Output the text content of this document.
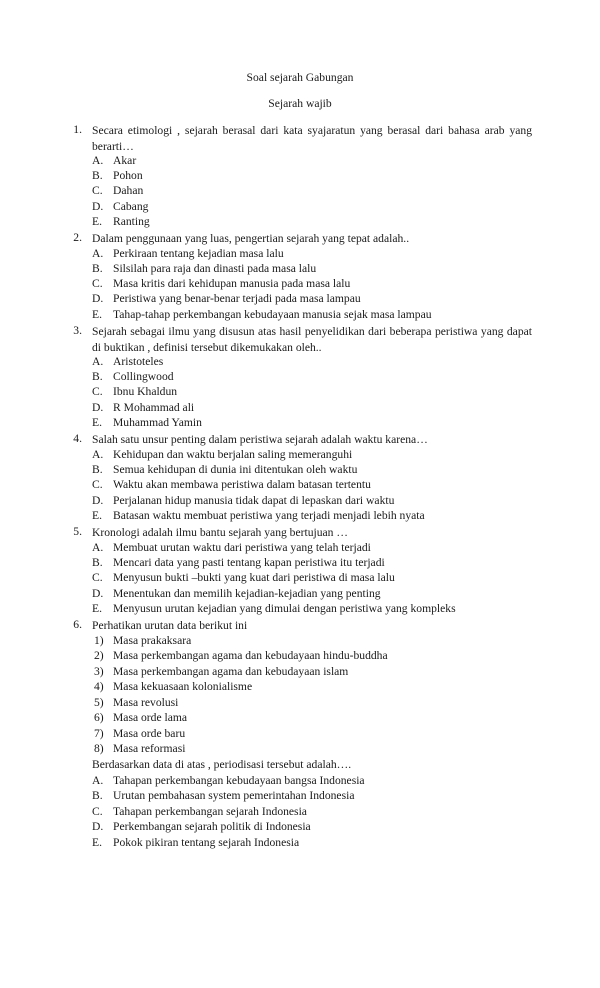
Soal sejarah Gabungan
Sejarah wajib
1. Secara etimologi , sejarah berasal dari kata syajaratun yang berasal dari bahasa arab yang berarti…
A. Akar
B. Pohon
C. Dahan
D. Cabang
E. Ranting
2. Dalam penggunaan yang luas, pengertian sejarah yang tepat adalah..
A. Perkiraan tentang kejadian masa lalu
B. Silsilah para raja dan dinasti pada masa lalu
C. Masa kritis dari kehidupan manusia pada masa lalu
D. Peristiwa yang benar-benar terjadi pada masa lampau
E. Tahap-tahap perkembangan kebudayaan manusia sejak masa lampau
3. Sejarah sebagai ilmu yang disusun atas hasil penyelidikan dari beberapa peristiwa yang dapat di buktikan , definisi tersebut dikemukakan oleh..
A. Aristoteles
B. Collingwood
C. Ibnu Khaldun
D. R Mohammad ali
E. Muhammad Yamin
4. Salah satu unsur penting dalam peristiwa sejarah adalah waktu karena…
A. Kehidupan dan waktu berjalan saling memeranguhi
B. Semua kehidupan di dunia ini ditentukan oleh waktu
C. Waktu akan membawa peristiwa dalam batasan tertentu
D. Perjalanan hidup manusia tidak dapat di lepaskan dari waktu
E. Batasan waktu membuat peristiwa yang terjadi menjadi lebih nyata
5. Kronologi adalah ilmu bantu sejarah yang bertujuan …
A. Membuat urutan waktu dari peristiwa yang telah terjadi
B. Mencari data yang pasti tentang kapan peristiwa itu terjadi
C. Menyusun bukti –bukti yang kuat dari peristiwa di masa lalu
D. Menentukan dan memilih kejadian-kejadian yang penting
E. Menyusun urutan kejadian yang dimulai dengan peristiwa yang kompleks
6. Perhatikan urutan data berikut ini
1) Masa prakaksara
2) Masa perkembangan agama dan kebudayaan hindu-buddha
3) Masa perkembangan agama dan kebudayaan islam
4) Masa kekuasaan kolonialisme
5) Masa revolusi
6) Masa orde lama
7) Masa orde baru
8) Masa reformasi
Berdasarkan data di atas , periodisasi tersebut adalah….
A. Tahapan perkembangan kebudayaan bangsa Indonesia
B. Urutan pembahasan system pemerintahan Indonesia
C. Tahapan perkembangan sejarah Indonesia
D. Perkembangan sejarah politik di Indonesia
E. Pokok pikiran tentang sejarah Indonesia
